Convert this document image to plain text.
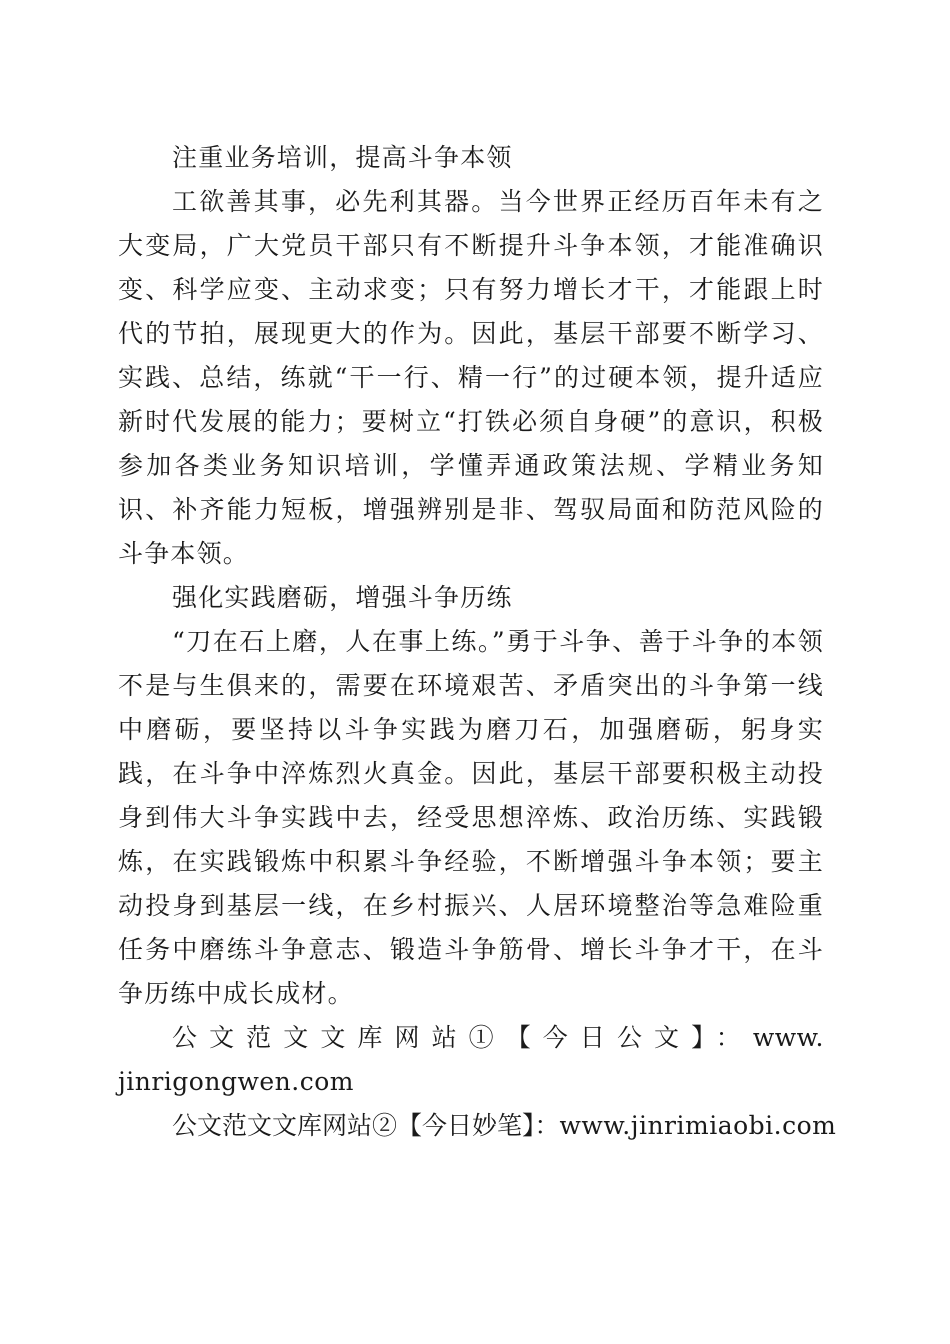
注重业务培训，提高斗争本领

工欲善其事，必先利其器。当今世界正经历百年未有之大变局，广大党员干部只有不断提升斗争本领，才能准确识变、科学应变、主动求变；只有努力增长才干，才能跟上时代的节拍，展现更大的作为。因此，基层干部要不断学习、实践、总结，练就“干一行、精一行”的过硬本领，提升适应新时代发展的能力；要树立“打铁必须自身硬”的意识，积极参加各类业务知识培训，学懂弄通政策法规、学精业务知识、补齐能力短板，增强辨别是非、驾驭局面和防范风险的斗争本领。

强化实践磨砺，增强斗争历练

“刀在石上磨，人在事上练。”勇于斗争、善于斗争的本领不是与生俱来的，需要在环境艰苦、矛盾突出的斗争第一线中磨砺，要坚持以斗争实践为磨刀石，加强磨砺，躬身实践，在斗争中淬炼烈火真金。因此，基层干部要积极主动投身到伟大斗争实践中去，经受思想淬炼、政治历练、实践锻炼，在实践锻炼中积累斗争经验，不断增强斗争本领；要主动投身到基层一线，在乡村振兴、人居环境整治等急难险重任务中磨练斗争意志、锻造斗争筋骨、增长斗争才干，在斗争历练中成长成材。

公文范文文库网站①【今日公文】：www.jinrigongwen.com

公文范文文库网站②【今日妙笔】：www.jinrimiaobi.com
